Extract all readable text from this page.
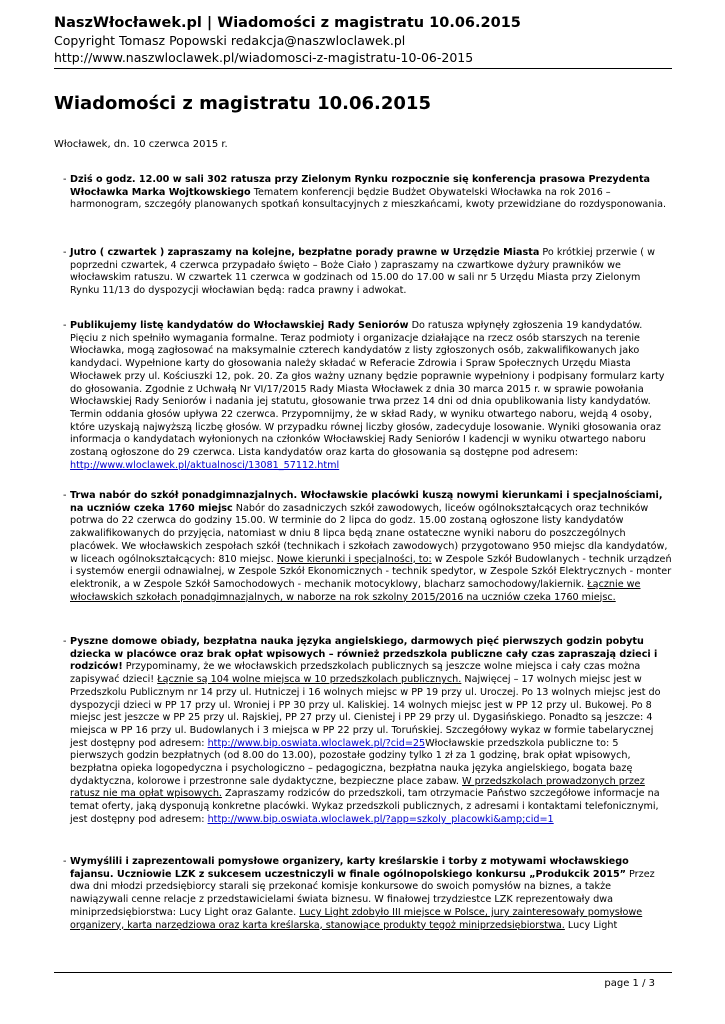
NaszWłocławek.pl | Wiadomości z magistratu 10.06.2015
Copyright Tomasz Popowski redakcja@naszwloclawek.pl
http://www.naszwloclawek.pl/wiadomosci-z-magistratu-10-06-2015
Wiadomości z magistratu 10.06.2015
Włocławek, dn. 10 czerwca 2015 r.
- Dziś o godz. 12.00 w sali 302 ratusza przy Zielonym Rynku rozpocznie się konferencja prasowa Prezydenta Włocławka Marka Wojtkowskiego Tematem konferencji będzie Budżet Obywatelski Włocławka na rok 2016 – harmonogram, szczegóły planowanych spotkań konsultacyjnych z mieszkańcami, kwoty przewidziane do rozdysponowania.
- Jutro ( czwartek ) zapraszamy na kolejne, bezpłatne porady prawne w Urzędzie Miasta Po krótkiej przerwie ( w poprzedni czwartek, 4 czerwca przypadało święto – Boże Ciało ) zapraszamy na czwartkowe dyżury prawników we włocławskim ratuszu. W czwartek 11 czerwca w godzinach od 15.00 do 17.00 w sali nr 5 Urzędu Miasta przy Zielonym Rynku 11/13 do dyspozycji włocławian będą: radca prawny i adwokat.
- Publikujemy listę kandydatów do Włocławskiej Rady Seniorów Do ratusza wpłynęły zgłoszenia 19 kandydatów. Pięciu z nich spełniło wymagania formalne. Teraz podmioty i organizacje działające na rzecz osób starszych na terenie Włocławka, mogą zagłosować na maksymalnie czterech kandydatów z listy zgłoszonych osób, zakwalifikowanych jako kandydaci. Wypełnione karty do głosowania należy składać w Referacie Zdrowia i Spraw Społecznych Urzędu Miasta Włocławek przy ul. Kościuszki 12, pok. 20. Za głos ważny uznany będzie poprawnie wypełniony i podpisany formularz karty do głosowania. Zgodnie z Uchwałą Nr VI/17/2015 Rady Miasta Włocławek z dnia 30 marca 2015 r. w sprawie powołania Włocławskiej Rady Seniorów i nadania jej statutu, głosowanie trwa przez 14 dni od dnia opublikowania listy kandydatów. Termin oddania głosów upływa 22 czerwca. Przypomnijmy, że w skład Rady, w wyniku otwartego naboru, wejdą 4 osoby, które uzyskają najwyższą liczbę głosów. W przypadku równej liczby głosów, zadecyduje losowanie. Wyniki głosowania oraz informacja o kandydatach wyłonionych na członków Włocławskiej Rady Seniorów I kadencji w wyniku otwartego naboru zostaną ogłoszone do 29 czerwca. Lista kandydatów oraz karta do głosowania są dostępne pod adresem: http://www.wloclawek.pl/aktualnosci/13081_57112.html
- Trwa nabór do szkół ponadgimnazjalnych. Włocławskie placówki kuszą nowymi kierunkami i specjalnościami, na uczniów czeka 1760 miejsc Nabór do zasadniczych szkół zawodowych, liceów ogólnokształcących oraz techników potrwa do 22 czerwca do godziny 15.00. W terminie do 2 lipca do godz. 15.00 zostaną ogłoszone listy kandydatów zakwalifikowanych do przyjęcia, natomiast w dniu 8 lipca będą znane ostateczne wyniki naboru do poszczególnych placówek. We włocławskich zespołach szkół (technikach i szkołach zawodowych) przygotowano 950 miejsc dla kandydatów, w liceach ogólnokształcących: 810 miejsc. Nowe kierunki i specjalności, to: w Zespole Szkół Budowlanych - technik urządzeń i systemów energii odnawialnej, w Zespole Szkół Ekonomicznych - technik spedytor, w Zespole Szkół Elektrycznych - monter elektronik, a w Zespole Szkół Samochodowych - mechanik motocyklowy, blacharz samochodowy/lakiernik. Łącznie we włocławskich szkołach ponadgimnazjalnych, w naborze na rok szkolny 2015/2016 na uczniów czeka 1760 miejsc.
- Pyszne domowe obiady, bezpłatna nauka języka angielskiego, darmowych pięć pierwszych godzin pobytu dziecka w placówce oraz brak opłat wpisowych – również przedszkola publiczne cały czas zapraszają dzieci i rodziców! Przypominamy, że we włocławskich przedszkolach publicznych są jeszcze wolne miejsca i cały czas można zapisywać dzieci! Łącznie są 104 wolne miejsca w 10 przedszkolach publicznych. Najwięcej – 17 wolnych miejsc jest w Przedszkolu Publicznym nr 14 przy ul. Hutniczej i 16 wolnych miejsc w PP 19 przy ul. Uroczej. Po 13 wolnych miejsc jest do dyspozycji dzieci w PP 17 przy ul. Wroniej i PP 30 przy ul. Kaliskiej. 14 wolnych miejsc jest w PP 12 przy ul. Bukowej. Po 8 miejsc jest jeszcze w PP 25 przy ul. Rajskiej, PP 27 przy ul. Cienistej i PP 29 przy ul. Dygasińskiego. Ponadto są jeszcze: 4 miejsca w PP 16 przy ul. Budowlanych i 3 miejsca w PP 22 przy ul. Toruńskiej. Szczegółowy wykaz w formie tabelarycznej jest dostępny pod adresem: http://www.bip.oswiata.wloclawek.pl/?cid=25Włocławskie przedszkola publiczne to: 5 pierwszych godzin bezpłatnych (od 8.00 do 13.00), pozostałe godziny tylko 1 zł za 1 godzinę, brak opłat wpisowych, bezpłatna opieka logopedyczna i psychologiczno – pedagogiczna, bezpłatna nauka języka angielskiego, bogata bazę dydaktyczna, kolorowe i przestronne sale dydaktyczne, bezpieczne place zabaw. W przedszkolach prowadzonych przez ratusz nie ma opłat wpisowych. Zapraszamy rodziców do przedszkoli, tam otrzymacie Państwo szczegółowe informacje na temat oferty, jaką dysponują konkretne placówki. Wykaz przedszkoli publicznych, z adresami i kontaktami telefonicznymi, jest dostępny pod adresem: http://www.bip.oswiata.wloclawek.pl/?app=szkoly_placowki&amp;cid=1
- Wymyślili i zaprezentowali pomysłowe organizery, karty kreślarskie i torby z motywami włocławskiego fajansu. Uczniowie LZK z sukcesem uczestniczyli w finale ogólnopolskiego konkursu „Produkcik 2015” Przez dwa dni młodzi przedsiębiorcy starali się przekonać komisje konkursowe do swoich pomysłów na biznes, a także nawiązywali cenne relacje z przedstawicielami świata biznesu. W finałowej trzydziestce LZK reprezentowały dwa miniprzedsiębiorstwa: Lucy Light oraz Galante. Lucy Light zdobyło III miejsce w Polsce, jury zainteresowały pomysłowe organizery, karta narzędziowa oraz karta kreślarska, stanowiące produkty tegoż miniprzedsiębiorstwa. Lucy Light
page 1 / 3
